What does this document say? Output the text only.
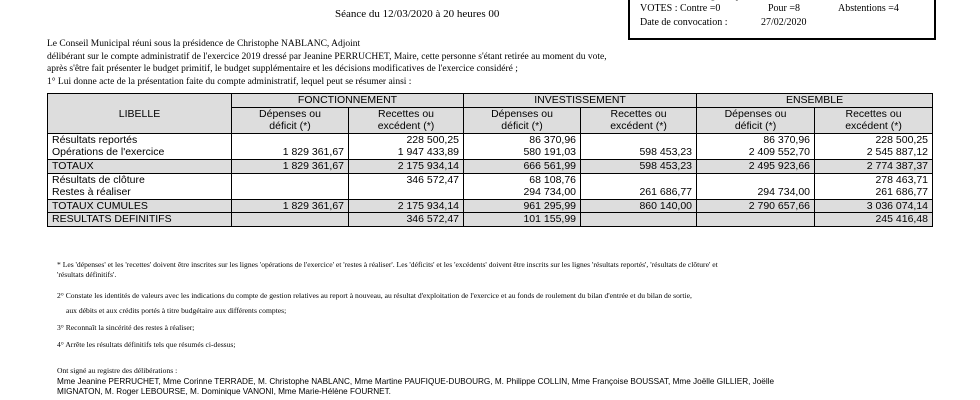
VOTES : Contre =0	Pour =8	Abstentions =4
Date de convocation :	27/02/2020
Séance du 12/03/2020 à 20 heures 00
Le Conseil Municipal réuni sous la présidence de Christophe NABLANC, Adjoint
délibérant sur le compte administratif de l'exercice 2019 dressé par Jeanine PERRUCHET, Maire, cette personne s'étant retirée au moment du vote,
après s'être fait présenter le budget primitif, le budget supplémentaire et les décisions modificatives de l'exercice considéré ;
1° Lui donne acte de la présentation faite du compte administratif, lequel peut se résumer ainsi :
LIBELLE	FONCTIONNEMENT		INVESTISSEMENT		ENSEMBLE	
	Dépenses ou	Recettes ou	Dépenses ou	Recettes ou	Dépenses ou	Recettes ou
	déficit (*)	excédent (*)	déficit (*)	excédent (*)	déficit (*)	excédent (*)
Résultats reportés		228 500,25	86 370,96		86 370,96	228 500,25
Opérations de l'exercice	1 829 361,67	1 947 433,89	580 191,03	598 453,23	2 409 552,70	2 545 887,12
TOTAUX	1 829 361,67	2 175 934,14	666 561,99	598 453,23	2 495 923,66	2 774 387,37
Résultats de clôture		346 572,47	68 108,76			278 463,71
Restes à réaliser			294 734,00	261 686,77	294 734,00	261 686,77
TOTAUX CUMULES	1 829 361,67	2 175 934,14	961 295,99	860 140,00	2 790 657,66	3 036 074,14
RESULTATS DEFINITIFS		346 572,47	101 155,99			245 416,48
* Les 'dépenses' et les 'recettes' doivent être inscrites sur les lignes 'opérations de l'exercice' et 'restes à réaliser'. Les 'déficits' et les 'excédents' doivent être inscrits sur les lignes 'résultats reportés', 'résultats de clôture' et
'résultats définitifs'.
2° Constate les identités de valeurs avec les indications du compte de gestion relatives au report à nouveau, au résultat d'exploitation de l'exercice et au fonds de roulement du bilan d'entrée et du bilan de sortie,
aux débits et aux crédits portés à titre budgétaire aux différents comptes;
3° Reconnaît la sincérité des restes à réaliser;
4° Arrête les résultats définitifs tels que résumés ci-dessus;
Ont signé au registre des délibérations :
Mme Jeanine PERRUCHET, Mme Corinne TERRADE, M. Christophe NABLANC, Mme Martine PAUFIQUE-DUBOURG, M. Philippe COLLIN, Mme Françoise BOUSSAT, Mme Joëlle GILLIER, Joëlle
MIGNATON, M. Roger LEBOURSE, M. Dominique VANONI, Mme Marie-Hélène FOURNET.
